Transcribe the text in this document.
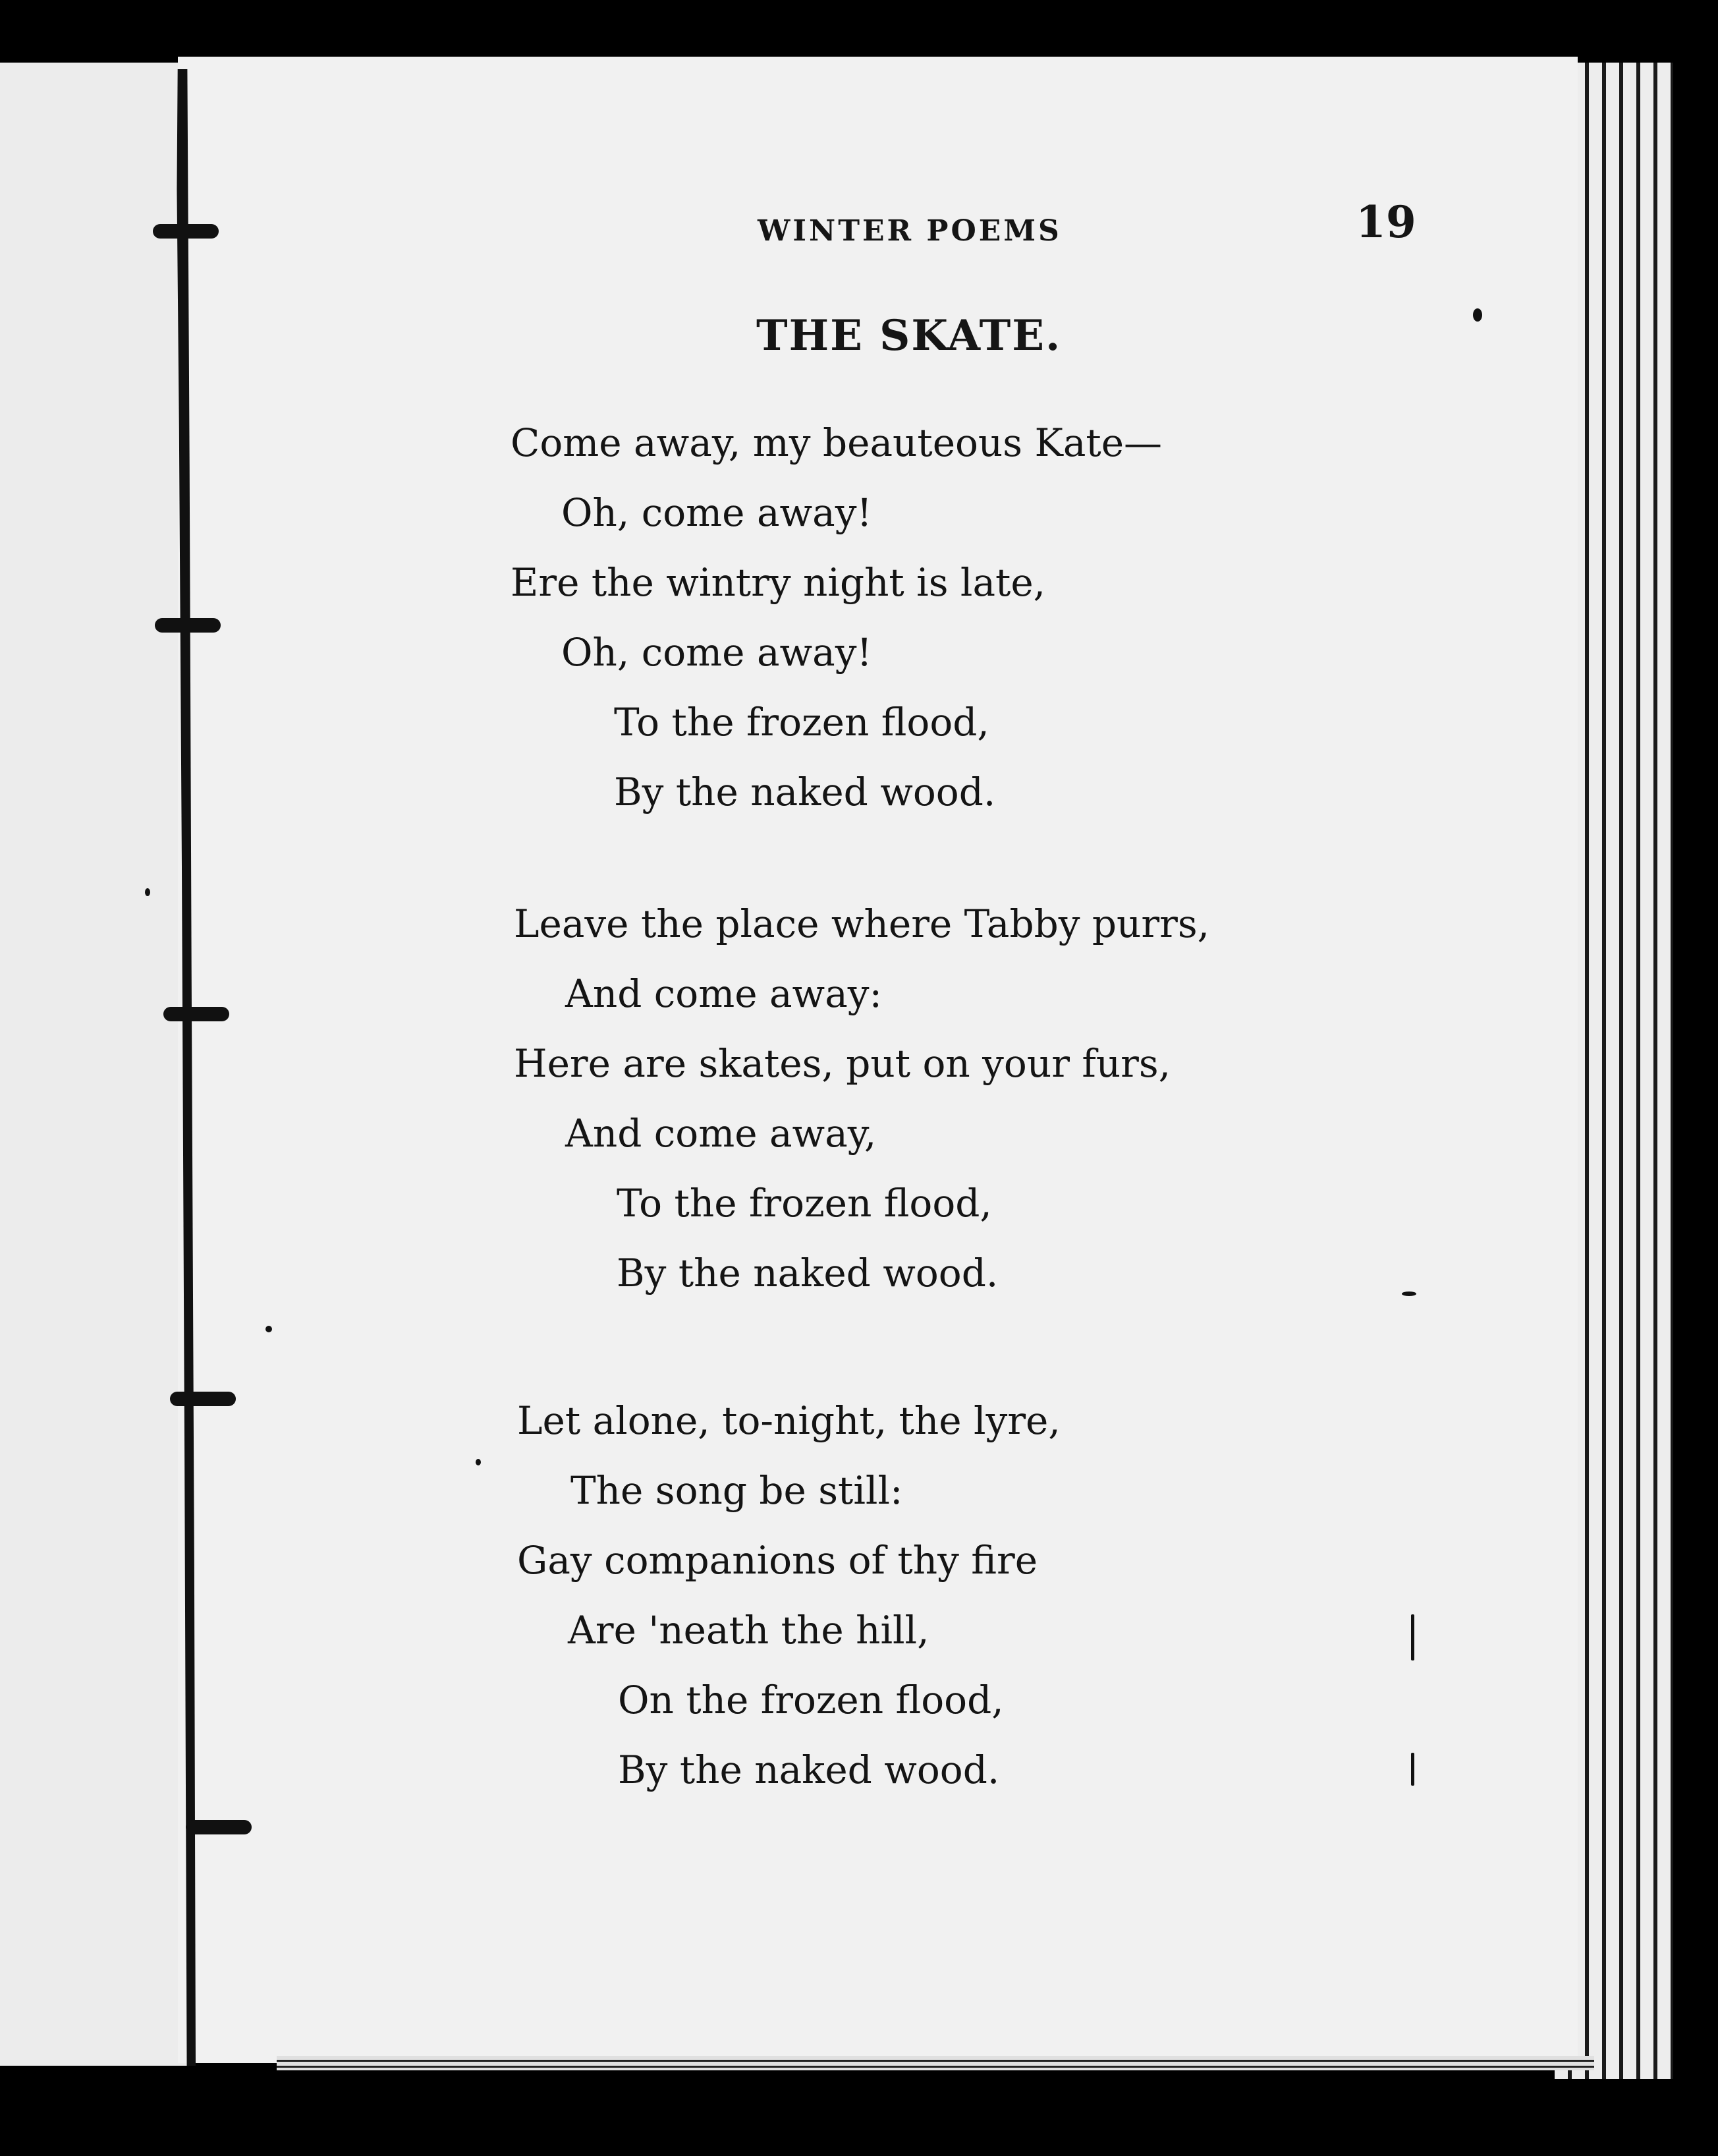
WINTER POEMS	19
THE SKATE.
Come away, my beauteous Kate—
Oh, come away!
Ere the wintry night is late,
Oh, come away!
To the frozen flood,
By the naked wood.
Leave the place where Tabby purrs,
And come away:
Here are skates, put on your furs,
And come away,
To the frozen flood,
By the naked wood.
Let alone, to-night, the lyre,
The song be still:
Gay companions of thy fire
Are 'neath the hill,
On the frozen flood,
By the naked wood.
